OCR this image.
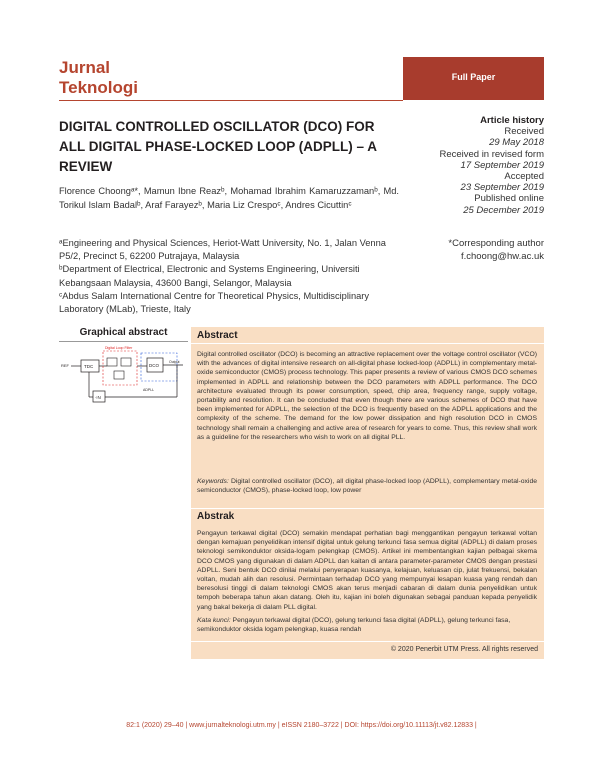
Jurnal
Teknologi
Full Paper
DIGITAL CONTROLLED OSCILLATOR (DCO) FOR ALL DIGITAL PHASE-LOCKED LOOP (ADPLL) – A REVIEW
Florence Choongᵃ*, Mamun Ibne Reazᵇ, Mohamad Ibrahim Kamaruzzamanᵇ, Md. Torikul Islam Badalᵇ, Araf Farayezᵇ, Maria Liz Crespoᶜ, Andres Cicuttinᶜ

ᵃEngineering and Physical Sciences, Heriot-Watt University, No. 1, Jalan Venna P5/2, Precinct 5, 62200 Putrajaya, Malaysia

ᵇDepartment of Electrical, Electronic and Systems Engineering, Universiti Kebangsaan Malaysia, 43600 Bangi, Selangor, Malaysia

ᶜAbdus Salam International Centre for Theoretical Physics, Multidisciplinary Laboratory (MLab), Trieste, Italy

Article history
Received
29 May 2018
Received in revised form
17 September 2019
Accepted
23 September 2019
Published online
25 December 2019
*Corresponding author
f.choong@hw.ac.uk
Graphical abstract
REF	TDC
Digital Loop Filter
DCO
Output
÷N
ADPLL
Abstract
Digital controlled oscillator (DCO) is becoming an attractive replacement over the voltage control oscillator (VCO) with the advances of digital intensive research on all-digital phase locked-loop (ADPLL) in complementary metal-oxide semiconductor (CMOS) process technology. This paper presents a review of various CMOS DCO schemes implemented in ADPLL and relationship between the DCO parameters with ADPLL performance. The DCO architecture evaluated through its power consumption, speed, chip area, frequency range, supply voltage, portability and resolution. It can be concluded that even though there are various schemes of DCO that have been implemented for ADPLL, the selection of the DCO is frequently based on the ADPLL applications and the complexity of the scheme. The demand for the low power dissipation and high resolution DCO in CMOS technology shall remain a challenging and active area of research for years to come. Thus, this review shall work as a guideline for the researchers who wish to work on all digital PLL.
Keywords: Digital controlled oscillator (DCO), all digital phase-locked loop (ADPLL), complementary metal-oxide semiconductor (CMOS), phase-locked loop, low power
Abstrak
Pengayun terkawal digital (DCO) semakin mendapat perhatian bagi menggantikan pengayun terkawal voltan dengan kemajuan penyelidikan intensif digital untuk gelung terkunci fasa semua digital (ADPLL) di dalam proses teknologi semikonduktor oksida-logam pelengkap (CMOS). Artikel ini membentangkan kajian pelbagai skema DCO CMOS yang digunakan di dalam ADPLL dan kaitan di antara parameter-parameter CMOS dengan prestasi ADPLL. Seni bentuk DCO dinilai melalui penyerapan kuasanya, kelajuan, keluasan cip, julat frekuensi, bekalan voltan, mudah alih dan resolusi. Permintaan terhadap DCO yang mempunyai lesapan kuasa yang rendah dan beresolusi tinggi di dalam teknologi CMOS akan terus menjadi cabaran di dalam dunia penyelidikan untuk tempoh beberapa tahun akan datang. Oleh itu, kajian ini boleh digunakan sebagai panduan kepada penyelidik yang bakal bekerja di dalam PLL digital.
Kata kunci: Pengayun terkawal digital (DCO), gelung terkunci fasa digital (ADPLL), gelung terkunci fasa, semikonduktor oksida logam pelengkap, kuasa rendah
© 2020 Penerbit UTM Press. All rights reserved
82:1 (2020) 29–40 | www.jurnalteknologi.utm.my | eISSN 2180–3722 | DOI: https://doi.org/10.11113/jt.v82.12833 |
